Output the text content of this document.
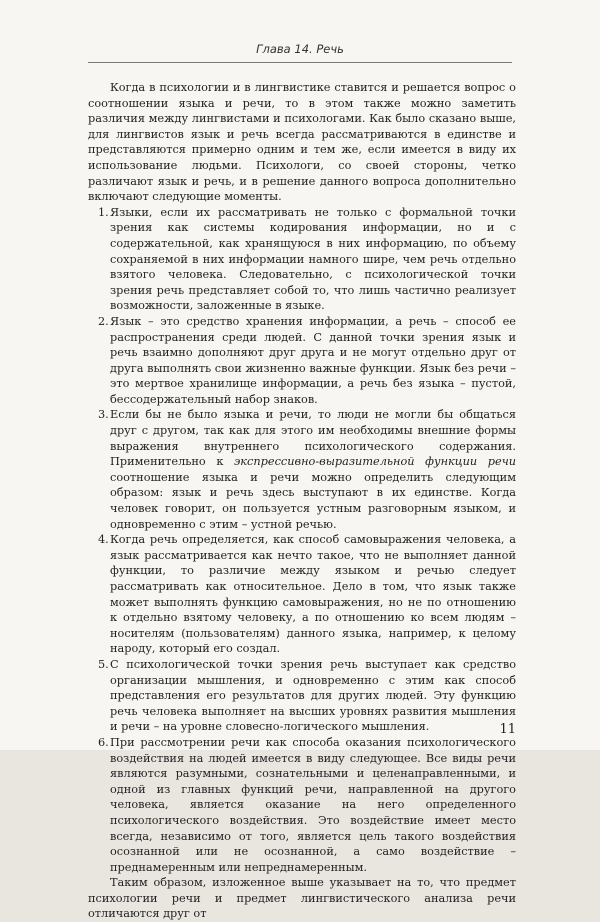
Глава 14. Речь

Когда в психологии и в лингвистике ставится и решается вопрос о соотношении языка и речи, то в этом также можно заметить различия между лингвистами и психологами. Как было сказано выше, для лингвистов язык и речь всегда рассматриваются в единстве и представляются примерно одним и тем же, если имеется в виду их использование людьми. Психологи, со своей стороны, четко различают язык и речь, и в решение данного вопроса дополнительно включают следующие моменты.

1. Языки, если их рассматривать не только с формальной точки зрения как системы кодирования информации, но и с содержательной, как хранящуюся в них информацию, по объему сохраняемой в них информации намного шире, чем речь отдельно взятого человека. Следовательно, с психологической точки зрения речь представляет собой то, что лишь частично реализует возможности, заложенные в языке.
2. Язык – это средство хранения информации, а речь – способ ее распространения среди людей. С данной точки зрения язык и речь взаимно дополняют друг друга и не могут отдельно друг от друга выполнять свои жизненно важные функции. Язык без речи – это мертвое хранилище информации, а речь без языка – пустой, бессодержательный набор знаков.
3. Если бы не было языка и речи, то люди не могли бы общаться друг с другом, так как для этого им необходимы внешние формы выражения внутреннего психологического содержания. Применительно к экспрессивно-выразительной функции речи соотношение языка и речи можно определить следующим образом: язык и речь здесь выступают в их единстве. Когда человек говорит, он пользуется устным разговорным языком, и одновременно с этим – устной речью.
4. Когда речь определяется, как способ самовыражения человека, а язык рассматривается как нечто такое, что не выполняет данной функции, то различие между языком и речью следует рассматривать как относительное. Дело в том, что язык также может выполнять функцию самовыражения, но не по отношению к отдельно взятому человеку, а по отношению ко всем людям – носителям (пользователям) данного языка, например, к целому народу, который его создал.
5. С психологической точки зрения речь выступает как средство организации мышления, и одновременно с этим как способ представления его результатов для других людей. Эту функцию речь человека выполняет на высших уровнях развития мышления и речи – на уровне словесно-логического мышления.
6. При рассмотрении речи как способа оказания психологического воздействия на людей имеется в виду следующее. Все виды речи являются разумными, сознательными и целенаправленными, и одной из главных функций речи, направленной на другого человека, является оказание на него определенного психологического воздействия. Это воздействие имеет место всегда, независимо от того, является цель такого воздействия осознанной или не осознанной, а само воздействие – преднамеренным или непреднамеренным.

Таким образом, изложенное выше указывает на то, что предмет психологии речи и предмет лингвистического анализа речи отличаются друг от

11
